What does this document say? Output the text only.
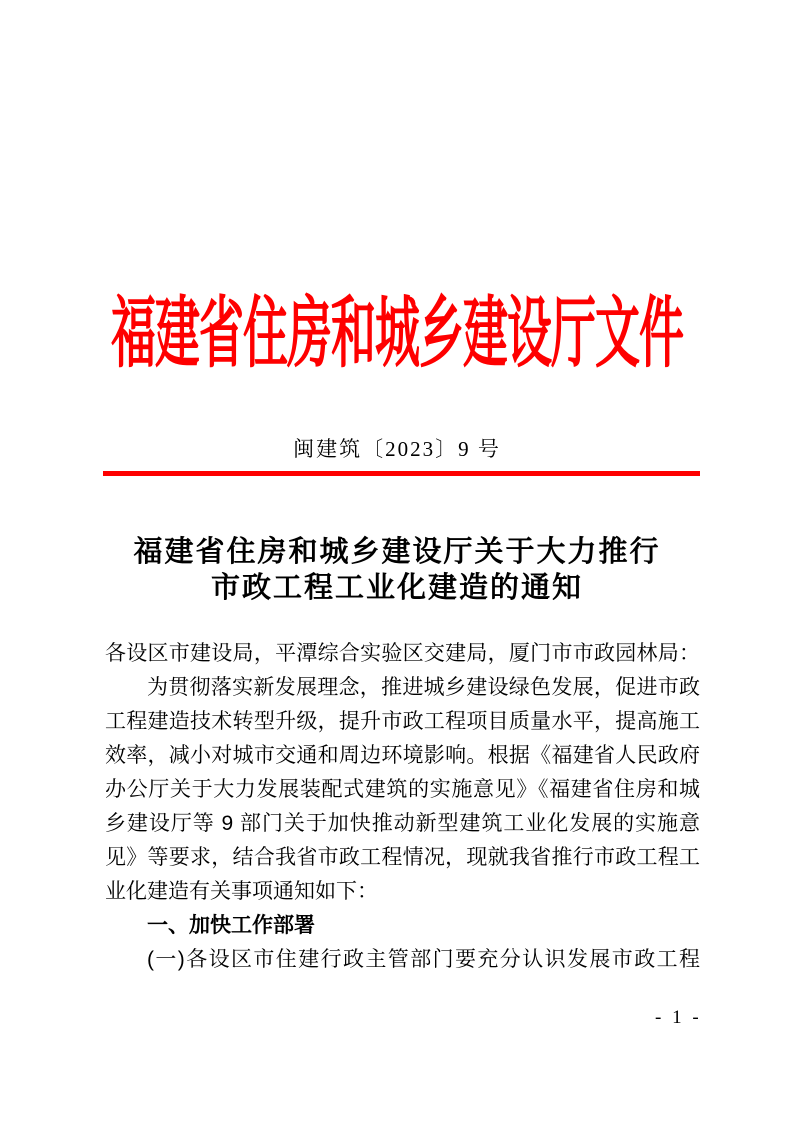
福建省住房和城乡建设厅文件
闽建筑〔2023〕9 号
福建省住房和城乡建设厅关于大力推行
市政工程工业化建造的通知
各设区市建设局，平潭综合实验区交建局，厦门市市政园林局：
为贯彻落实新发展理念，推进城乡建设绿色发展，促进市政
工程建造技术转型升级，提升市政工程项目质量水平，提高施工
效率，减小对城市交通和周边环境影响。根据《福建省人民政府
办公厅关于大力发展装配式建筑的实施意见》《福建省住房和城
乡建设厅等 9 部门关于加快推动新型建筑工业化发展的实施意
见》等要求，结合我省市政工程情况，现就我省推行市政工程工
业化建造有关事项通知如下：
一、加快工作部署
(一)各设区市住建行政主管部门要充分认识发展市政工程
- 1 -
